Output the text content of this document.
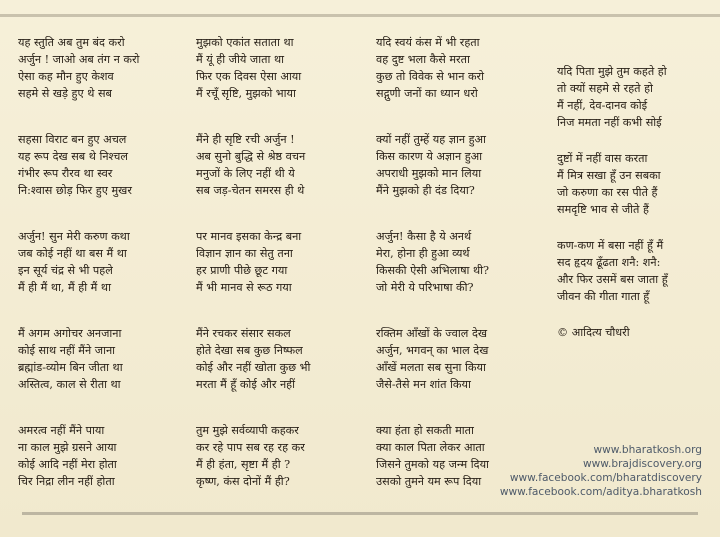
यह स्तुति अब तुम बंद करो
अर्जुन ! जाओ अब तंग न करो
ऐसा कह मौन हुए केशव
सहमे से खड़े हुए थे सब
सहसा विराट बन हुए अचल
यह रूप देख सब थे निश्चल
गंभीर रूप रौरव था स्वर
नि:श्वास छोड़ फिर हुए मुखर
अर्जुन! सुन मेरी करुण कथा
जब कोई नहीं था बस मैं था
इन सूर्य चंद्र से भी पहले
मैं ही मैं था, मैं ही मैं था
मैं अगम अगोचर अनजाना
कोई साथ नहीं मैंने जाना
ब्रह्मांड-व्योम बिन जीता था
अस्तित्व, काल से रीता था
अमरत्व नहीं मैंने पाया
ना काल मुझे ग्रसने आया
कोई आदि नहीं मेरा होता
चिर निद्रा लीन नहीं होता
मुझको एकांत सताता था
मैं यूं ही जीये जाता था
फिर एक दिवस ऐसा आया
मैं रचूँ सृष्टि, मुझको भाया
मैंने ही सृष्टि रची अर्जुन !
अब सुनो बुद्धि से श्रेष्ठ वचन
मनुजों के लिए नहीं थी ये
सब जड़-चेतन समरस ही थे
पर मानव इसका केन्द्र बना
विज्ञान ज्ञान का सेतु तना
हर प्राणी पीछे छूट गया
मैं भी मानव से रूठ गया
मैंने रचकर संसार सकल
होते देखा सब कुछ निष्फल
कोई और नहीं खोता कुछ भी
मरता मैं हूँ कोई और नहीं
तुम मुझे सर्वव्यापी कहकर
कर रहे पाप सब रह रह कर
मैं ही हंता, सृष्टा मैं ही ?
कृष्ण, कंस दोनों मैं ही?
यदि स्वयं कंस में भी रहता
वह दुष्ट भला कैसे मरता
कुछ तो विवेक से भान करो
सद्गुणी जनों का ध्यान धरो
क्यों नहीं तुम्हें यह ज्ञान हुआ
किस कारण ये अज्ञान हुआ
अपराधी मुझको मान लिया
मैंने मुझको ही दंड दिया?
अर्जुन! कैसा है ये अनर्थ
मेरा, होना ही हुआ व्यर्थ
किसकी ऐसी अभिलाषा थी?
जो मेरी ये परिभाषा की?
रक्तिम आँखों के ज्वाल देख
अर्जुन, भगवन् का भाल देख
आँखें मलता सब सुना किया
जैसे-तैसे मन शांत किया
क्या हंता हो सकती माता
क्या काल पिता लेकर आता
जिसने तुमको यह जन्म दिया
उसको तुमने यम रूप दिया
यदि पिता मुझे तुम कहते हो
तो क्यों सहमे से रहते हो
मैं नहीं, देव-दानव कोई
निज ममता नहीं कभी सोई
दुष्टों में नहीं वास करता
मैं मित्र सखा हूँ उन सबका
जो करुणा का रस पीते हैं
समदृष्टि भाव से जीते हैं
कण-कण में बसा नहीं हूँ मैं
सद हृदय ढूँढता शनै: शनै:
और फिर उसमें बस जाता हूँ
जीवन की गीता गाता हूँ
© आदित्य चौधरी
www.bharatkosh.org
www.brajdiscovery.org
www.facebook.com/bharatdiscovery
www.facebook.com/aditya.bharatkosh
